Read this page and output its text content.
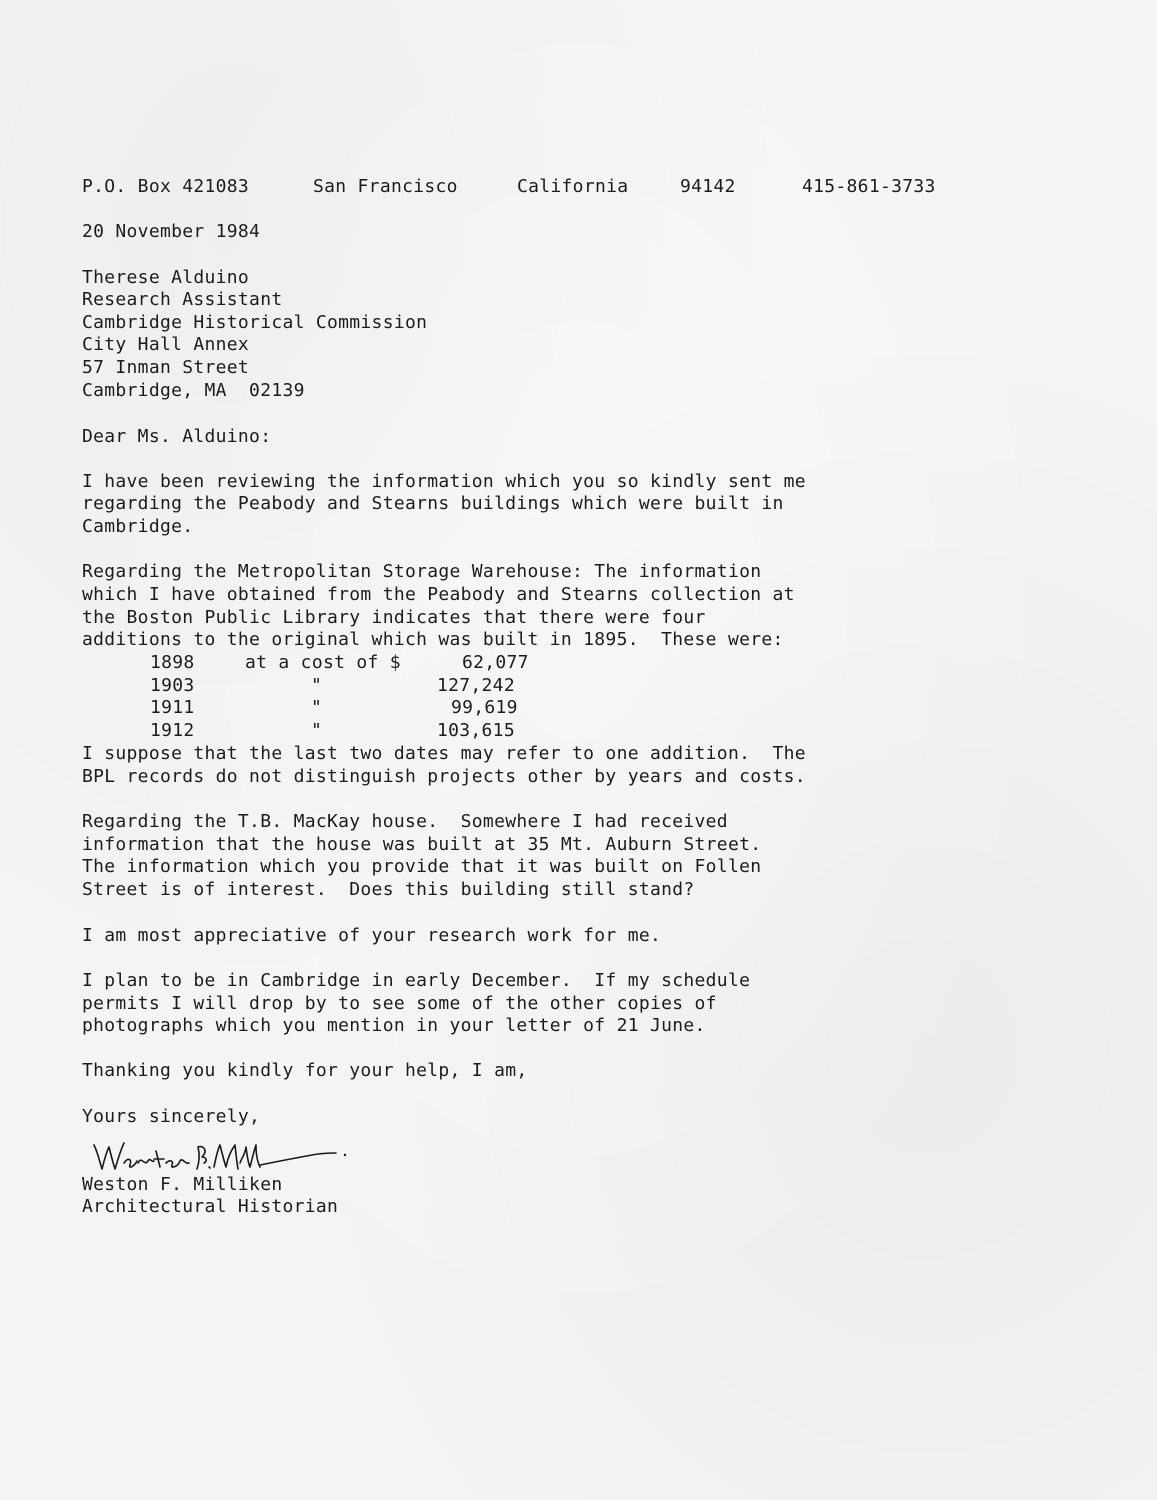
P.O. Box 421083	San Francisco	California	94142	415-861-3733

20 November 1984

Therese Alduino

Research Assistant

Cambridge Historical Commission

City Hall Annex

57 Inman Street

Cambridge, MA  02139

Dear Ms. Alduino:

I have been reviewing the information which you so kindly sent me

regarding the Peabody and Stearns buildings which were built in

Cambridge.

Regarding the Metropolitan Storage Warehouse: The information

which I have obtained from the Peabody and Stearns collection at

the Boston Public Library indicates that there were four

additions to the original which was built in 1895.  These were:

1898	at a cost of $	62,077
1903	"	127,242
1911	"	99,619
1912	"	103,615

I suppose that the last two dates may refer to one addition.  The

BPL records do not distinguish projects other by years and costs.

Regarding the T.B. MacKay house.  Somewhere I had received

information that the house was built at 35 Mt. Auburn Street.

The information which you provide that it was built on Follen

Street is of interest.  Does this building still stand?

I am most appreciative of your research work for me.

I plan to be in Cambridge in early December.  If my schedule

permits I will drop by to see some of the other copies of

photographs which you mention in your letter of 21 June.

Thanking you kindly for your help, I am,

Yours sincerely,

Weston F. Milliken

Architectural Historian
